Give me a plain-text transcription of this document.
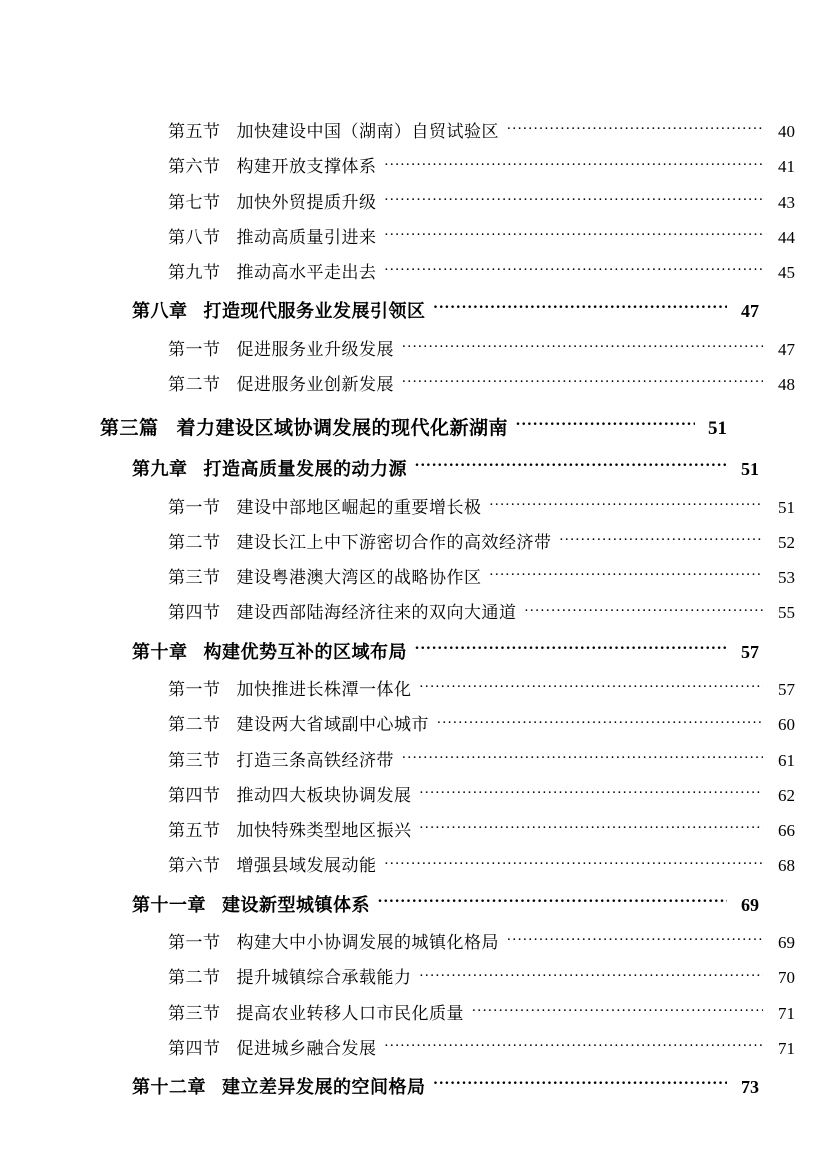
第五节 加快建设中国（湖南）自贸试验区 .....	40
第六节 构建开放支撑体系 .....	41
第七节 加快外贸提质升级 .....	43
第八节 推动高质量引进来 .....	44
第九节 推动高水平走出去 .....	45
第八章 打造现代服务业发展引领区 .....	47
第一节 促进服务业升级发展 .....	47
第二节 促进服务业创新发展 .....	48
第三篇 着力建设区域协调发展的现代化新湖南 .....	51
第九章 打造高质量发展的动力源 .....	51
第一节 建设中部地区崛起的重要增长极 .....	51
第二节 建设长江上中下游密切合作的高效经济带 .....	52
第三节 建设粤港澳大湾区的战略协作区 .....	53
第四节 建设西部陆海经济往来的双向大通道 .....	55
第十章 构建优势互补的区域布局 .....	57
第一节 加快推进长株潭一体化 .....	57
第二节 建设两大省域副中心城市 .....	60
第三节 打造三条高铁经济带 .....	61
第四节 推动四大板块协调发展 .....	62
第五节 加快特殊类型地区振兴 .....	66
第六节 增强县域发展动能 .....	68
第十一章 建设新型城镇体系 .....	69
第一节 构建大中小协调发展的城镇化格局 .....	69
第二节 提升城镇综合承载能力 .....	70
第三节 提高农业转移人口市民化质量 .....	71
第四节 促进城乡融合发展 .....	71
第十二章 建立差异发展的空间格局 .....	73
